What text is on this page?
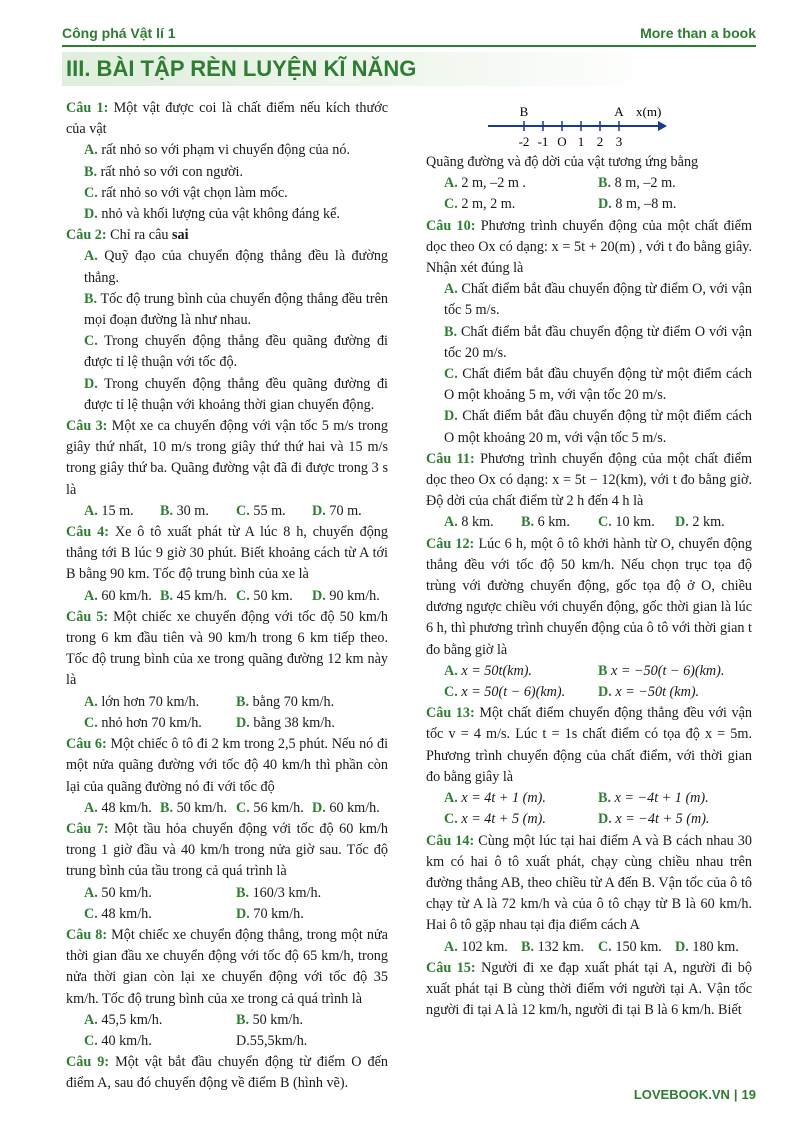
Công phá Vật lí 1	More than a book
III. BÀI TẬP RÈN LUYỆN KĨ NĂNG

Câu 1: Một vật được coi là chất điểm nếu kích thước của vật

A. rất nhỏ so với phạm vi chuyển động của nó.

B. rất nhỏ so với con người.

C. rất nhỏ so với vật chọn làm mốc.

D. nhỏ và khối lượng của vật không đáng kể.

Câu 2: Chỉ ra câu sai

A. Quỹ đạo của chuyển động thẳng đều là đường thẳng.

B. Tốc độ trung bình của chuyển động thẳng đều trên mọi đoạn đường là như nhau.

C. Trong chuyển động thẳng đều quãng đường đi được tỉ lệ thuận với tốc độ.

D. Trong chuyển động thẳng đều quãng đường đi được tỉ lệ thuận với khoảng thời gian chuyển động.

Câu 3: Một xe ca chuyển động với vận tốc 5 m/s trong giây thứ nhất, 10 m/s trong giây thứ thứ hai và 15 m/s trong giây thứ ba. Quãng đường vật đã đi được trong 3 s là

A. 15 m.	B. 30 m.	C. 55 m.	D. 70 m.

Câu 4: Xe ô tô xuất phát từ A lúc 8 h, chuyển động thẳng tới B lúc 9 giờ 30 phút. Biết khoảng cách từ A tới B bằng 90 km. Tốc độ trung bình của xe là

A. 60 km/h. B. 45 km/h. C. 50 km.	D. 90 km/h.

Câu 5: Một chiếc xe chuyển động với tốc độ 50 km/h trong 6 km đầu tiên và 90 km/h trong 6 km tiếp theo. Tốc độ trung bình của xe trong quãng đường 12 km này là

A. lớn hơn 70 km/h.	B. bằng 70 km/h.
C. nhỏ hơn 70 km/h.	D. bằng 38 km/h.

Câu 6: Một chiếc ô tô đi 2 km trong 2,5 phút. Nếu nó đi một nửa quãng đường với tốc độ 40 km/h thì phần còn lại của quãng đường nó đi với tốc độ

A. 48 km/h. B. 50 km/h. C. 56 km/h. D. 60 km/h.

Câu 7: Một tầu hỏa chuyển động với tốc độ 60 km/h trong 1 giờ đầu và 40 km/h trong nửa giờ sau. Tốc độ trung bình của tầu trong cả quá trình là

A. 50 km/h.	B. 160/3 km/h.
C. 48 km/h.	D. 70 km/h.

Câu 8: Một chiếc xe chuyển động thẳng, trong một nửa thời gian đầu xe chuyển động với tốc độ 65 km/h, trong nửa thời gian còn lại xe chuyển động với tốc độ 35 km/h. Tốc độ trung bình của xe trong cả quá trình là

A. 45,5 km/h.	B. 50 km/h.
C. 40 km/h.	D.55,5km/h.

Câu 9: Một vật bắt đầu chuyển động từ điểm O đến điểm A, sau đó chuyển động về điểm B (hình vẽ).

B	A x(m)
-2 -1 O 1 2 3

Quãng đường và độ dời của vật tương ứng bằng

A. 2 m, –2 m .	B. 8 m, –2 m.
C. 2 m, 2 m.	D. 8 m, –8 m.

Câu 10: Phương trình chuyển động của một chất điểm dọc theo Ox có dạng: x = 5t + 20(m) , với t đo bằng giây. Nhận xét đúng là

A. Chất điểm bắt đầu chuyển động từ điểm O, với vận tốc 5 m/s.

B. Chất điểm bắt đầu chuyển động từ điểm O với vận tốc 20 m/s.

C. Chất điểm bắt đầu chuyển động từ một điểm cách O một khoảng 5 m, với vận tốc 20 m/s.

D. Chất điểm bắt đầu chuyển động từ một điểm cách O một khoảng 20 m, với vận tốc 5 m/s.

Câu 11: Phương trình chuyển động của một chất điểm dọc theo Ox có dạng: x = 5t − 12(km), với t đo bằng giờ. Độ dời của chất điểm từ 2 h đến 4 h là

A. 8 km.	B. 6 km.	C. 10 km.	D. 2 km.

Câu 12: Lúc 6 h, một ô tô khởi hành từ O, chuyển động thẳng đều với tốc độ 50 km/h. Nếu chọn trục tọa độ trùng với đường chuyển động, gốc tọa độ ở O, chiều dương ngược chiều với chuyển động, gốc thời gian là lúc 6 h, thì phương trình chuyển động của ô tô với thời gian t đo bằng giờ là

A. x = 50t(km).	B x = −50(t − 6)(km).
C. x = 50(t − 6)(km).	D. x = −50t (km).

Câu 13: Một chất điểm chuyển động thẳng đều với vận tốc v = 4 m/s. Lúc t = 1s chất điểm có tọa độ x = 5m. Phương trình chuyển động của chất điểm, với thời gian đo bằng giây là

A. x = 4t + 1 (m).	B. x = −4t + 1 (m).
C. x = 4t + 5 (m).	D. x = −4t + 5 (m).

Câu 14: Cùng một lúc tại hai điểm A và B cách nhau 30 km có hai ô tô xuất phát, chạy cùng chiều nhau trên đường thẳng AB, theo chiều từ A đến B. Vận tốc của ô tô chạy từ A là 72 km/h và của ô tô chạy từ B là 60 km/h. Hai ô tô gặp nhau tại địa điểm cách A

A. 102 km. B. 132 km. C. 150 km. D. 180 km.

Câu 15: Người đi xe đạp xuất phát tại A, người đi bộ xuất phát tại B cùng thời điểm với người tại A. Vận tốc người đi tại A là 12 km/h, người đi tại B là 6 km/h. Biết

LOVEBOOK.VN | 19
